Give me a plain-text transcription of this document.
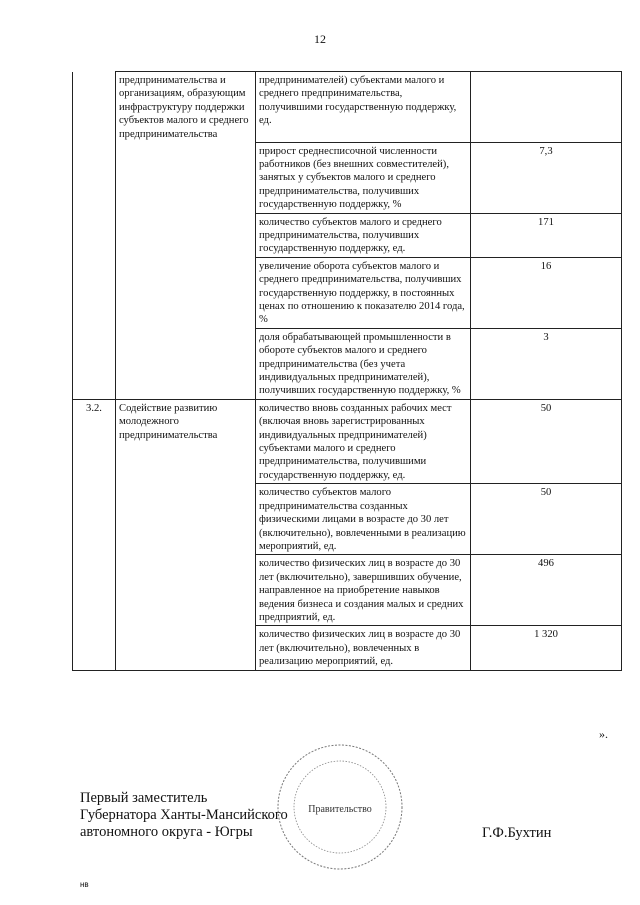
12
	предпринимательства и организациям, образующим инфраструктуру поддержки субъектов малого и среднего предпринимательства	предпринимателей) субъектами малого и среднего предпринимательства, получившими государственную поддержку, ед.	
		прирост среднесписочной численности работников (без внешних совместителей), занятых у субъектов малого и среднего предпринимательства, получивших государственную поддержку, %	7,3
		количество субъектов малого и среднего предпринимательства, получивших государственную поддержку, ед.	171
		увеличение оборота субъектов малого и среднего предпринимательства, получивших государственную поддержку, в постоянных ценах по отношению к показателю 2014 года, %	16
		доля обрабатывающей промышленности в обороте субъектов малого и среднего предпринимательства (без учета индивидуальных предпринимателей), получивших государственную поддержку, %	3
3.2.	Содействие развитию молодежного предпринимательства	количество вновь созданных рабочих мест (включая вновь зарегистрированных индивидуальных предпринимателей) субъектами малого и среднего предпринимательства, получившими государственную поддержку, ед.	50
		количество субъектов малого предпринимательства созданных физическими лицами в возрасте до 30 лет (включительно), вовлеченными в реализацию мероприятий, ед.	50
		количество физических лиц в возрасте до 30 лет (включительно), завершивших обучение, направленное на приобретение навыков ведения бизнеса и создания малых и средних предприятий, ед.	496
		количество физических лиц в возрасте до 30 лет (включительно), вовлеченных в реализацию мероприятий, ед.	1 320
».
Правительство
Первый заместитель
Губернатора Ханты-Мансийского
автономного округа - Югры	Г.Ф.Бухтин
нв
